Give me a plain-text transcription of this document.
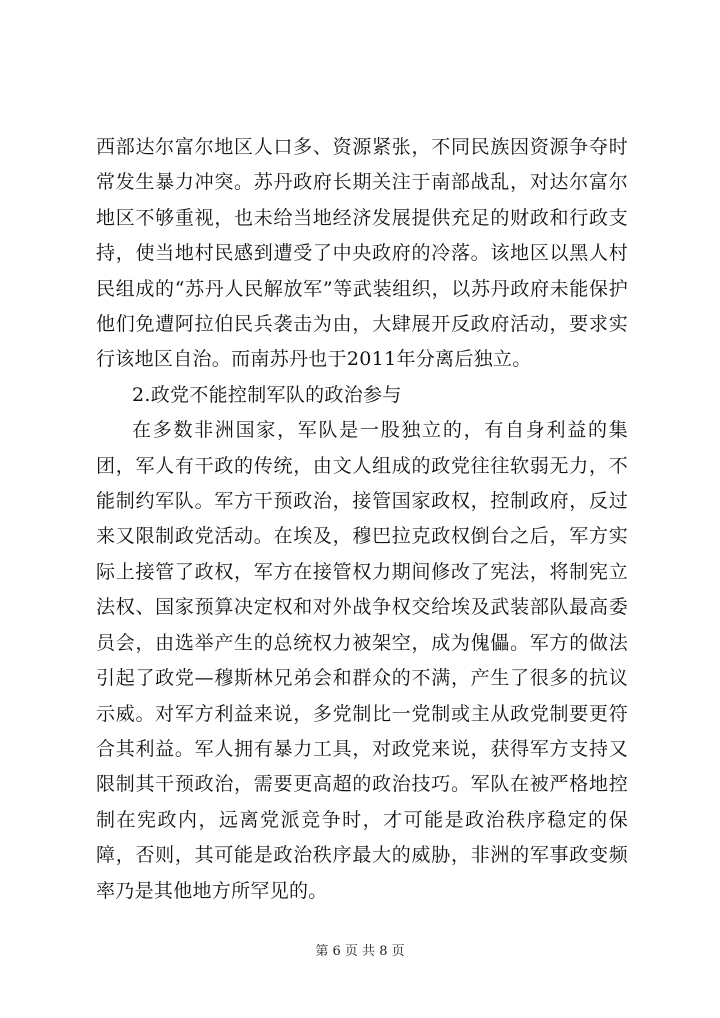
西部达尔富尔地区人口多、资源紧张，不同民族因资源争夺时常发生暴力冲突。苏丹政府长期关注于南部战乱，对达尔富尔地区不够重视，也未给当地经济发展提供充足的财政和行政支持，使当地村民感到遭受了中央政府的冷落。该地区以黑人村民组成的“苏丹人民解放军”等武装组织，以苏丹政府未能保护他们免遭阿拉伯民兵袭击为由，大肆展开反政府活动，要求实行该地区自治。而南苏丹也于2011年分离后独立。

2.政党不能控制军队的政治参与

在多数非洲国家，军队是一股独立的，有自身利益的集团，军人有干政的传统，由文人组成的政党往往软弱无力，不能制约军队。军方干预政治，接管国家政权，控制政府，反过来又限制政党活动。在埃及，穆巴拉克政权倒台之后，军方实际上接管了政权，军方在接管权力期间修改了宪法，将制宪立法权、国家预算决定权和对外战争权交给埃及武装部队最高委员会，由选举产生的总统权力被架空，成为傀儡。军方的做法引起了政党—穆斯林兄弟会和群众的不满，产生了很多的抗议示威。对军方利益来说，多党制比一党制或主从政党制要更符合其利益。军人拥有暴力工具，对政党来说，获得军方支持又限制其干预政治，需要更高超的政治技巧。军队在被严格地控制在宪政内，远离党派竞争时，才可能是政治秩序稳定的保障，否则，其可能是政治秩序最大的威胁，非洲的军事政变频率乃是其他地方所罕见的。

第 6 页 共 8 页
